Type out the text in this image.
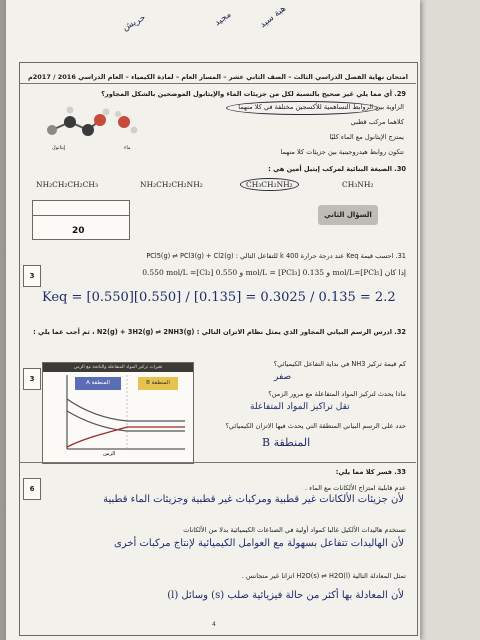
حريش	مجيد	هبة سيد
امتحان نهاية الفصل الدراسي الثالث – الصف الثاني عشر – المسار العام – لمادة الكيمياء – العام الدراسي 2016 / 2017م
29. أي مما يلي غير صحيح بالنسبة لكل من جزيئات الماء والإيثانول الموضحين بالشكل المجاور؟
إيثانول	ماء
الزاوية بين الروابط التساهمية للأكسجين مختلفة في كلا منهما
كلاهما مركب قطبي
يمتزج الإيثانول مع الماء كليًا
تتكون روابط هيدروجينية بين جزيئات كلا منهما
30. الصيغة البنائية لمركب إيثيل أمين هي :
NH₂CH₂CH₂CH₃	NH₂CH₂CH₂NH₂	CH₃CH₂NH₂	CH₃NH₂
20
السؤال الثاني
3
31. احسب قيمة Keq عند درجة حرارة 400 k للتفاعل التالي : PCl5(g) ⇌ PCl3(g) + Cl2(g)
0.550 mol/L =[Cl₂] و 0.550 mol/L = [PCl₃] و 0.135 mol/L=[PCl₅] إذا كان
Keq = [0.550][0.550] / [0.135] = 0.3025 / 0.135 = 2.2
32. ادرس الرسم البياني المجاور الذي يمثل نظام الاتزان التالي : N2(g) + 3H2(g) ⇌ 2NH3(g) ، ثم أجب عما يلي :
3
تغيرات تركيز المواد المتفاعلة والناتجة مع الزمن
A المنطقة	B المنطقة
الزمن
كم قيمة تركيز NH3 في بداية التفاعل الكيميائي؟
صفر
ماذا يحدث لتركيز المواد المتفاعلة مع مرور الزمن؟
تقل تراكيز المواد المتفاعلة
حدد على الرسم البياني المنطقة التي يحدث فيها الاتزان الكيميائي؟
B المنطقة
33. فسر كلا مما يلي:
6	عدم قابلية امتزاج الألكانات مع الماء .
لأن جزيئات الألكانات غير قطبية ومركبات غير قطبية وجزيئات الماء قطبية
تستخدم هاليدات الألكيل غالبا كمواد أولية في الصناعات الكيميائية بدلا من الألكانات
لأن الهاليدات تتفاعل بسهولة مع العوامل الكيميائية لإنتاج مركبات أخرى
تمثل المعادلة التالية H2O(s) ⇌ H2O(l) اتزانا غير متجانس .
لأن المعادلة بها أكثر من حالة فيزيائية صلب (s) وسائل (l)
4
